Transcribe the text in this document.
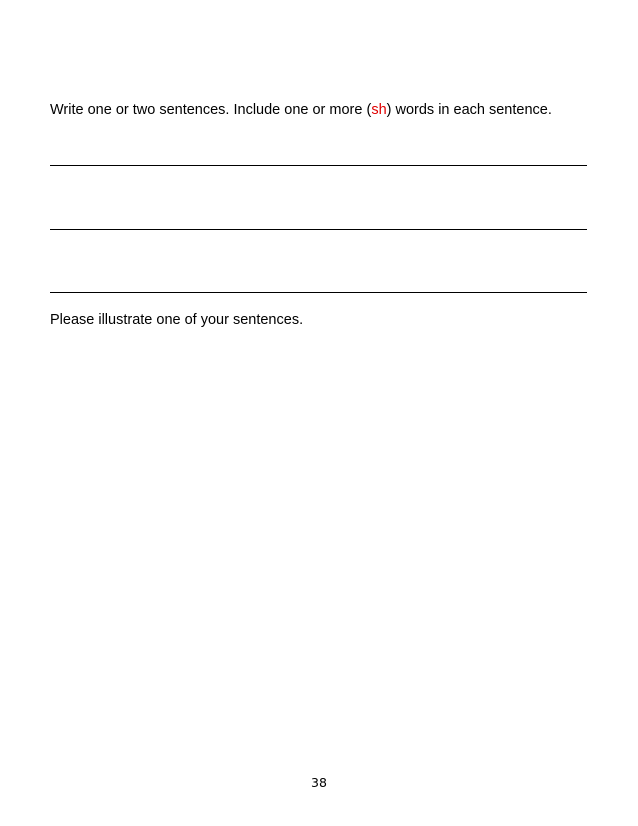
Write one or two sentences. Include one or more (sh) words in each sentence.

Please illustrate one of your sentences.

38
